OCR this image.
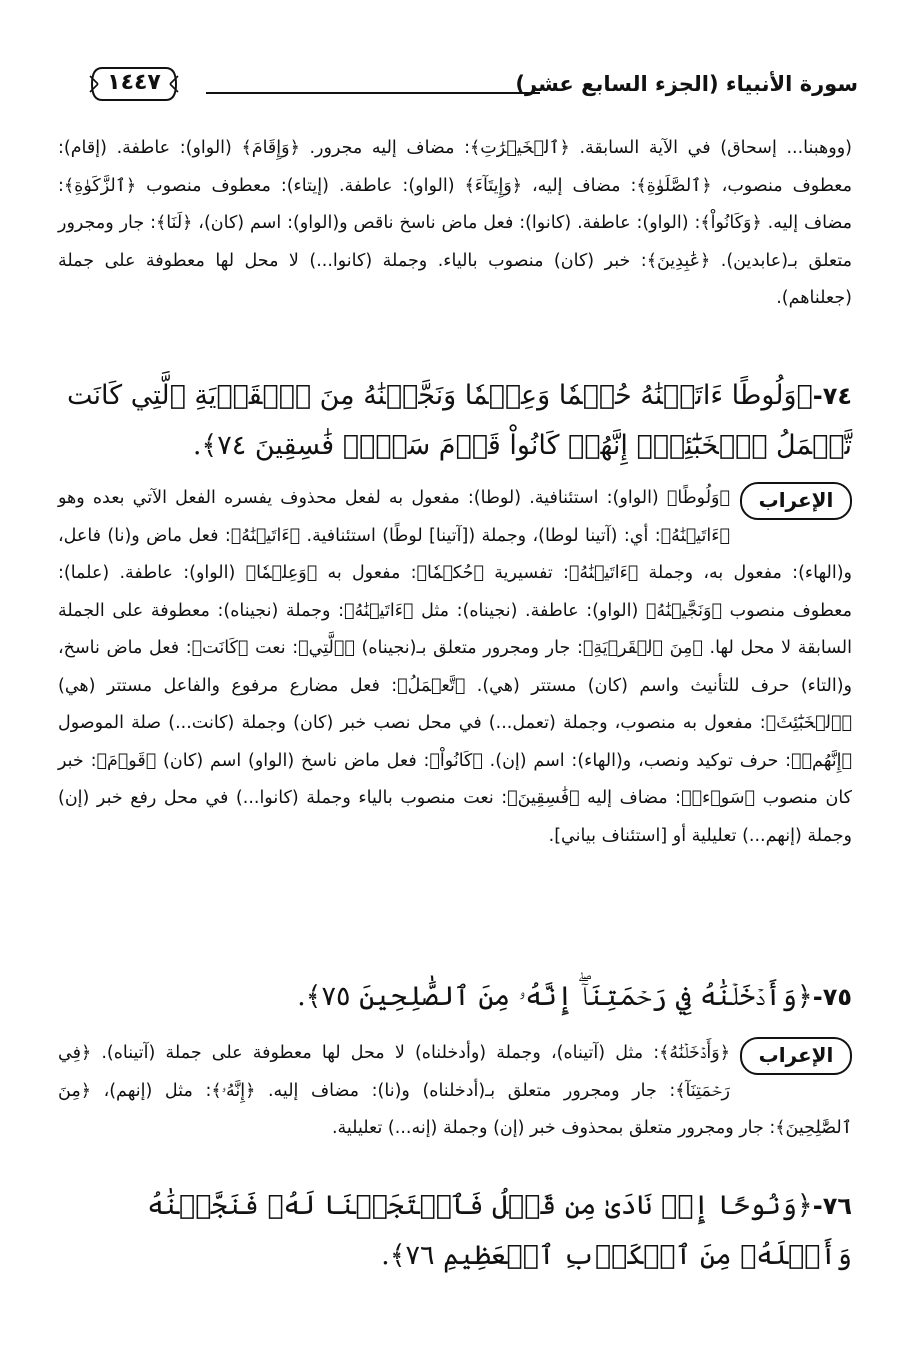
سورة الأنبياء (الجزء السابع عشر)
١٤٤٧
(ووهبنا... إسحاق) في الآية السابقة. ﴿ٱلۡخَيۡرَٰتِ﴾: مضاف إليه مجرور. ﴿وَإِقَامَ﴾ (الواو): عاطفة. (إقام): معطوف منصوب، ﴿ٱلصَّلَوٰةِ﴾: مضاف إليه، ﴿وَإِيتَآءَ﴾ (الواو): عاطفة. (إيتاء): معطوف منصوب ﴿ٱلزَّكَوٰةِ﴾: مضاف إليه. ﴿وَكَانُواْ﴾: (الواو): عاطفة. (كانوا): فعل ماض ناسخ ناقص و(الواو): اسم (كان)، ﴿لَنَا﴾: جار ومجرور متعلق بـ(عابدين). ﴿عَٰبِدِينَ﴾: خبر (كان) منصوب بالياء. وجملة (كانوا...) لا محل لها معطوفة على جملة (جعلناهم).
٧٤-﴿وَلُوطًا ءَاتَيۡنَٰهُ حُكۡمٗا وَعِلۡمٗا وَنَجَّيۡنَٰهُ مِنَ ٱلۡقَرۡيَةِ ٱلَّتِي كَانَت تَّعۡمَلُ ٱلۡخَبَٰٓئِثَۚ إِنَّهُمۡ كَانُواْ قَوۡمَ سَوۡءٖ فَٰسِقِينَ ٧٤﴾.
الإعراب
﴿وَلُوطًا﴾ (الواو): استئنافية. (لوطا): مفعول به لفعل محذوف يفسره الفعل الآتي بعده وهو ﴿ءَاتَيۡنَٰهُ﴾: أي: (آتينا لوطا)، وجملة ([آتينا] لوطًا) استئنافية. ﴿ءَاتَيۡنَٰهُ﴾: فعل ماض و(نا) فاعل، و(الهاء): مفعول به، وجملة ﴿ءَاتَيۡنَٰهُ﴾: تفسيرية ﴿حُكۡمٗا﴾: مفعول به ﴿وَعِلۡمٗا﴾ (الواو): عاطفة. (علما): معطوف منصوب ﴿وَنَجَّيۡنَٰهُ﴾ (الواو): عاطفة. (نجيناه): مثل ﴿ءَاتَيۡنَٰهُ﴾: وجملة (نجيناه): معطوفة على الجملة السابقة لا محل لها. ﴿مِنَ ٱلۡقَرۡيَةِ﴾: جار ومجرور متعلق بـ(نجيناه) ﴿ٱلَّتِي﴾: نعت ﴿كَانَت﴾: فعل ماض ناسخ، و(التاء) حرف للتأنيث واسم (كان) مستتر (هي). ﴿تَّعۡمَلُ﴾: فعل مضارع مرفوع والفاعل مستتر (هي) ﴿ٱلۡخَبَٰٓئِثَ﴾: مفعول به منصوب، وجملة (تعمل...) في محل نصب خبر (كان) وجملة (كانت...) صلة الموصول ﴿إِنَّهُمۡ﴾: حرف توكيد ونصب، و(الهاء): اسم (إن). ﴿كَانُواْ﴾: فعل ماض ناسخ (الواو) اسم (كان) ﴿قَوۡمَ﴾: خبر كان منصوب ﴿سَوۡءٖ﴾: مضاف إليه ﴿فَٰسِقِينَ﴾: نعت منصوب بالياء وجملة (كانوا...) في محل رفع خبر (إن) وجملة (إنهم...) تعليلية أو [استئناف بياني].
٧٥-﴿وَأَدۡخَلۡنَٰهُ فِي رَحۡمَتِنَآۖ إِنَّهُۥ مِنَ ٱلصَّٰلِحِينَ ٧٥﴾.
الإعراب
﴿وَأَدۡخَلۡنَٰهُ﴾: مثل (آتيناه)، وجملة (وأدخلناه) لا محل لها معطوفة على جملة (آتيناه). ﴿فِي رَحۡمَتِنَآ﴾: جار ومجرور متعلق بـ(أدخلناه) و(نا): مضاف إليه. ﴿إِنَّهُۥ﴾: مثل (إنهم)، ﴿مِنَ ٱلصَّٰلِحِينَ﴾: جار ومجرور متعلق بمحذوف خبر (إن) وجملة (إنه...) تعليلية.
٧٦-﴿وَنُوحًا إِذۡ نَادَىٰ مِن قَبۡلُ فَٱسۡتَجَبۡنَا لَهُۥ فَنَجَّيۡنَٰهُ وَأَهۡلَهُۥ مِنَ ٱلۡكَرۡبِ ٱلۡعَظِيمِ ٧٦﴾.
